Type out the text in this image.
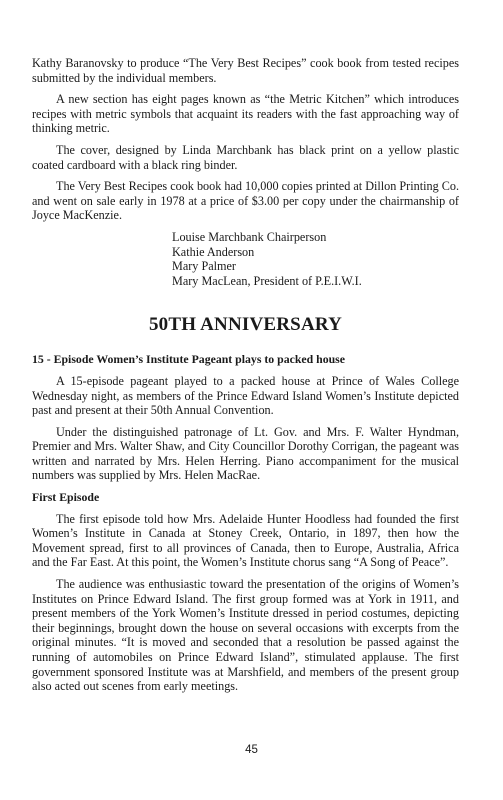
Kathy Baranovsky to produce “The Very Best Recipes” cook book from tested recipes submitted by the individual members.

A new section has eight pages known as “the Metric Kitchen” which introduces recipes with metric symbols that acquaint its readers with the fast approaching way of thinking metric.

The cover, designed by Linda Marchbank has black print on a yellow plastic coated cardboard with a black ring binder.

The Very Best Recipes cook book had 10,000 copies printed at Dillon Printing Co. and went on sale early in 1978 at a price of $3.00 per copy under the chairmanship of Joyce MacKenzie.

Louise Marchbank Chairperson
Kathie Anderson
Mary Palmer
Mary MacLean, President of P.E.I.W.I.
50TH ANNIVERSARY
15 - Episode Women’s Institute Pageant plays to packed house

A 15-episode pageant played to a packed house at Prince of Wales College Wednesday night, as members of the Prince Edward Island Women’s Institute depicted past and present at their 50th Annual Convention.

Under the distinguished patronage of Lt. Gov. and Mrs. F. Walter Hyndman, Premier and Mrs. Walter Shaw, and City Councillor Dorothy Corrigan, the pageant was written and narrated by Mrs. Helen Herring. Piano accompaniment for the musical numbers was supplied by Mrs. Helen MacRae.

First Episode

The first episode told how Mrs. Adelaide Hunter Hoodless had founded the first Women’s Institute in Canada at Stoney Creek, Ontario, in 1897, then how the Movement spread, first to all provinces of Canada, then to Europe, Australia, Africa and the Far East. At this point, the Women’s Institute chorus sang “A Song of Peace”.

The audience was enthusiastic toward the presentation of the origins of Women’s Institutes on Prince Edward Island. The first group formed was at York in 1911, and present members of the York Women’s Institute dressed in period costumes, depicting their beginnings, brought down the house on several occasions with excerpts from the original minutes. “It is moved and seconded that a resolution be passed against the running of automobiles on Prince Edward Island”, stimulated applause. The first government sponsored Institute was at Marshfield, and members of the present group also acted out scenes from early meetings.

45
